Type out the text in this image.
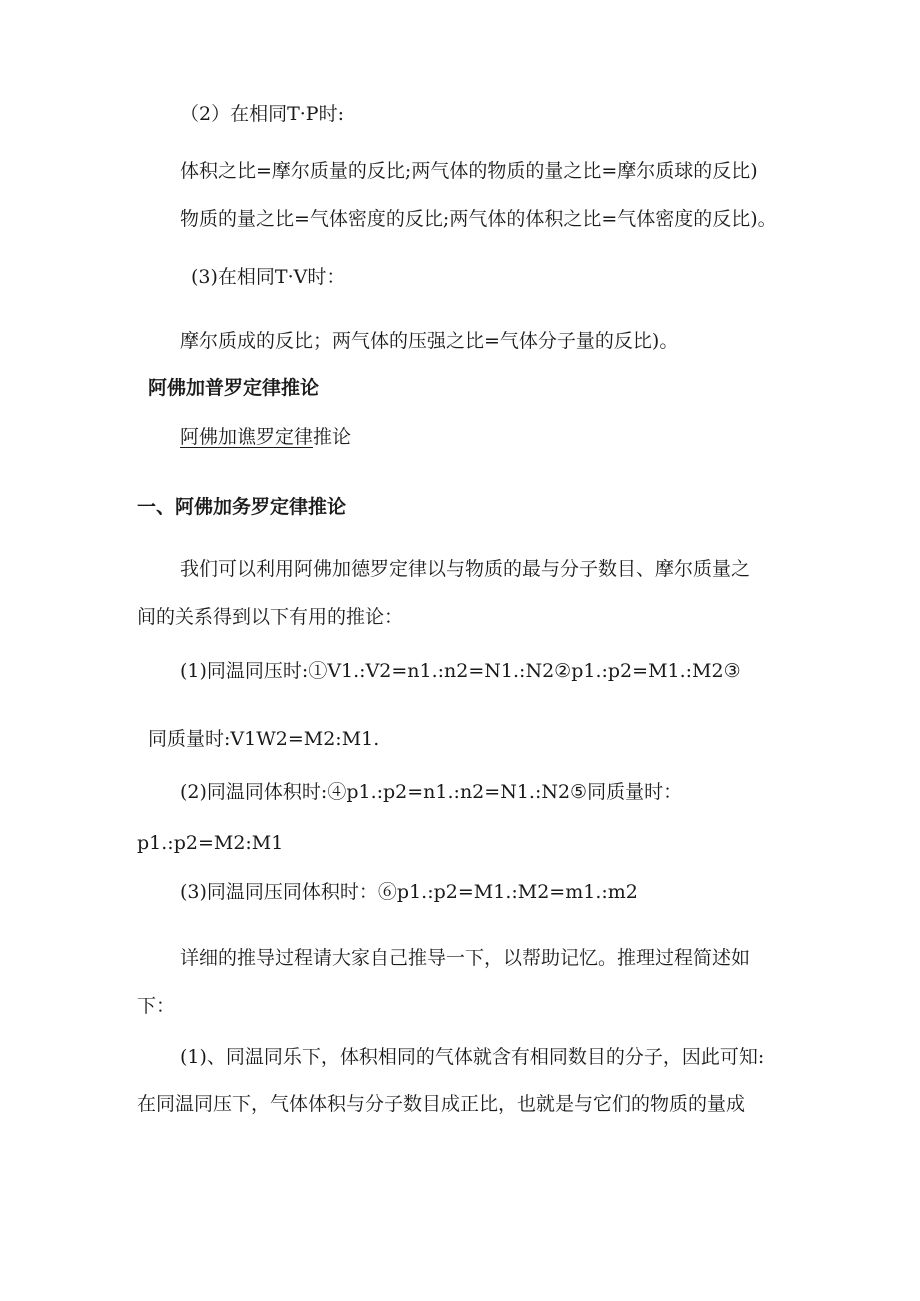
（2）在相同T·P时:
体积之比=摩尔质量的反比;两气体的物质的量之比=摩尔质球的反比)
物质的量之比=气体密度的反比;两气体的体积之比=气体密度的反比)。
(3)在相同T·V时：
摩尔质成的反比；两气体的压强之比=气体分子量的反比)。
阿佛加普罗定律推论
阿佛加谯罗定律推论
一、阿佛加务罗定律推论
我们可以利用阿佛加德罗定律以与物质的最与分子数目、摩尔质量之
间的关系得到以下有用的推论：
(1)同温同压时:①V1.:V2=n1.:n2=N1.:N2②p1.:p2=M1.:M2③
同质量时:V1W2=M2:M1.
(2)同温同体积时:④p1.:p2=n1.:n2=N1.:N2⑤同质量时：
p1.:p2=M2:M1
(3)同温同压同体积时：⑥p1.:p2=M1.:M2=m1.:m2
详细的推导过程请大家自己推导一下，以帮助记忆。推理过程简述如
下：
(1)、同温同乐下，体积相同的气体就含有相同数目的分子，因此可知:
在同温同压下，气体体积与分子数目成正比，也就是与它们的物质的量成
